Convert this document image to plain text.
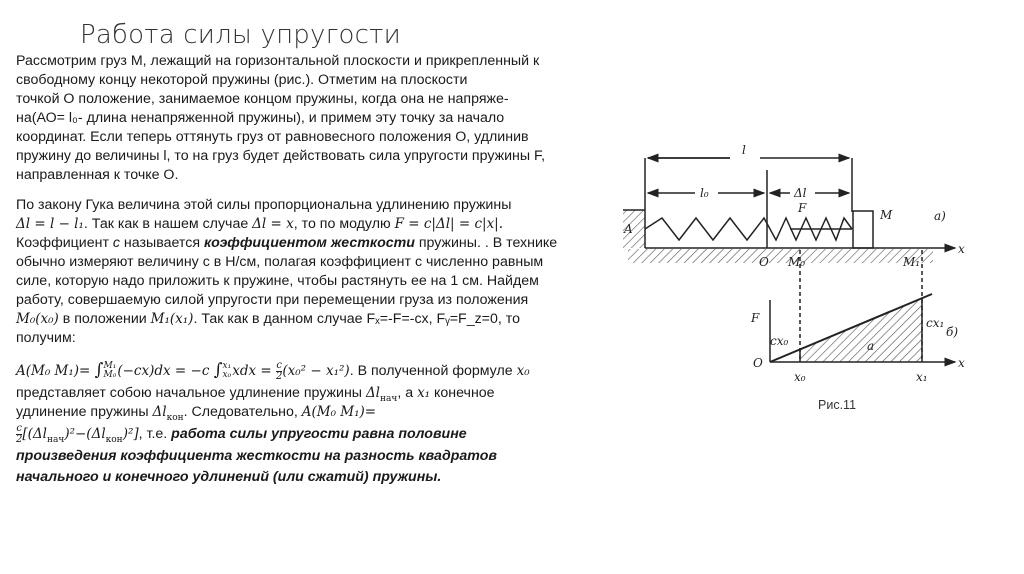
Работа силы упругости
Рассмотрим груз М, лежащий на горизонтальной плоскости и прикрепленный к
свободному концу некоторой пружины (рис.). Отметим на плоскости
точкой О положение, занимаемое концом пружины, когда она не напряже-
на(АО= l₀- длина ненапряженной пружины), и примем эту точку за начало
координат. Если теперь оттянуть груз от равновесного положения О, удлинив
пружину до величины l, то на груз будет действовать сила упругости пружины F,
направленная к точке О.
По закону Гука величина этой силы пропорциональна удлинению пружины
Δl = l − l₁. Так как в нашем случае Δl = x, то по модулю F = c|Δl| = c|x|.
Коэффициент c называется коэффициентом жесткости пружины. . В технике
обычно измеряют величину c в Н/см, полагая коэффициент c численно равным
силе, которую надо приложить к пружине, чтобы растянуть ее на 1 см. Найдем
работу, совершаемую силой упругости при перемещении груза из положения
M₀(x₀) в положении M₁(x₁). Так как в данном случае Fₓ=-F=-cx, Fᵧ=F_z=0, то
получим:
A(M₀ M₁)= ∫ M₁
M₀ (−cx)dx = −c ∫ x₁
x₀ xdx = $\frac{c}{2} (x_0^2 - x_1^2)$. В полученной формуле x₀
представляет собою начальное удлинение пружины $\Delta l_{нач}$, а x₁ конечное
удлинение пружины $\Delta l_{кон}$. Следовательно, A(M₀ M₁)=
$\frac{c}{2} [(\Delta l_{нач})^2-(\Delta l_{кон})^2]$, т.е. работа силы упругости равна половине
произведения коэффициента жесткости на разность квадратов
начального и конечного удлинений (или сжатий) пружины.
l
l₀	Δl
F	M	а)
A
O M₀	M₁
x
F
O
cx₀	a
cx₁
б)
x₀	x₁
x
Рис.11
